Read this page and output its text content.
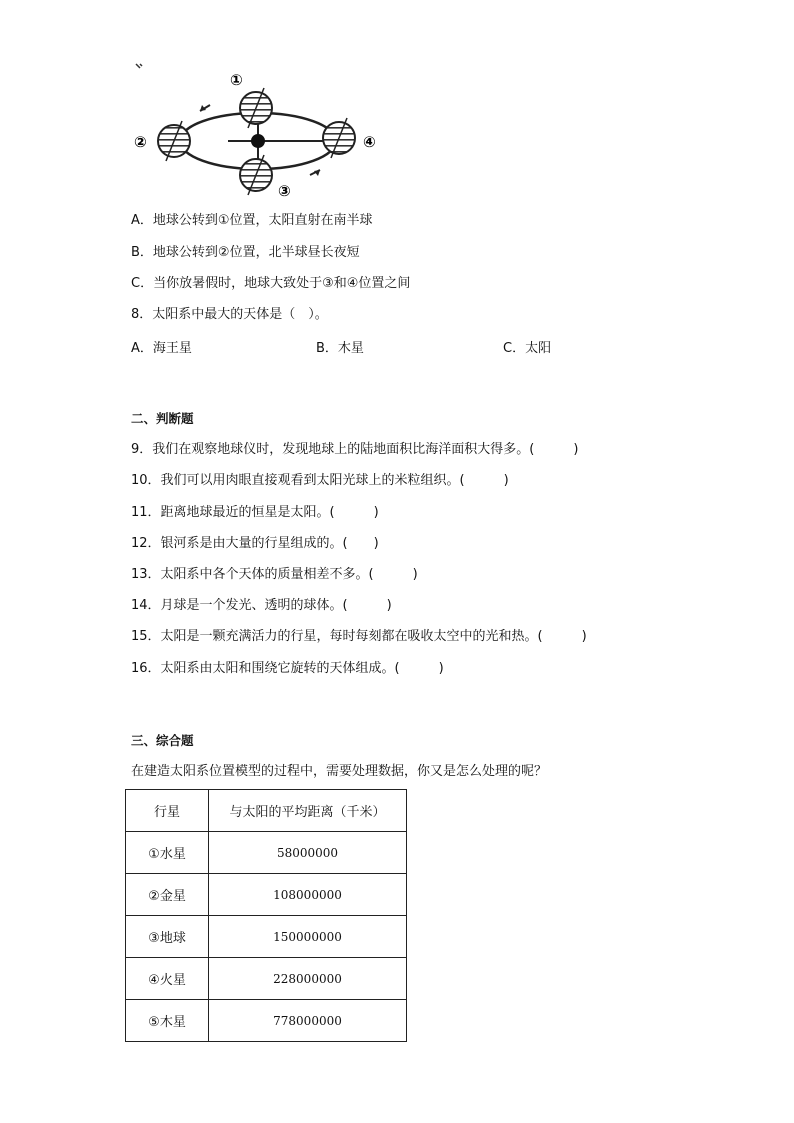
①
②
③
④
A．地球公转到①位置，太阳直射在南半球
B．地球公转到②位置，北半球昼长夜短
C．当你放暑假时，地球大致处于③和④位置之间
8．太阳系中最大的天体是（　）。
A．海王星	B．木星	C．太阳
二、判断题
9．我们在观察地球仪时，发现地球上的陆地面积比海洋面积大得多。(　　　)
10．我们可以用肉眼直接观看到太阳光球上的米粒组织。(　　　)
11．距离地球最近的恒星是太阳。(　　　)
12．银河系是由大量的行星组成的。(　　)
13．太阳系中各个天体的质量相差不多。(　　　)
14．月球是一个发光、透明的球体。(　　　)
15．太阳是一颗充满活力的行星，每时每刻都在吸收太空中的光和热。(　　　)
16．太阳系由太阳和围绕它旋转的天体组成。(　　　)
三、综合题
在建造太阳系位置模型的过程中，需要处理数据，你又是怎么处理的呢？
行星	与太阳的平均距离（千米）
①水星	58000000
②金星	108000000
③地球	150000000
④火星	228000000
⑤木星	778000000
